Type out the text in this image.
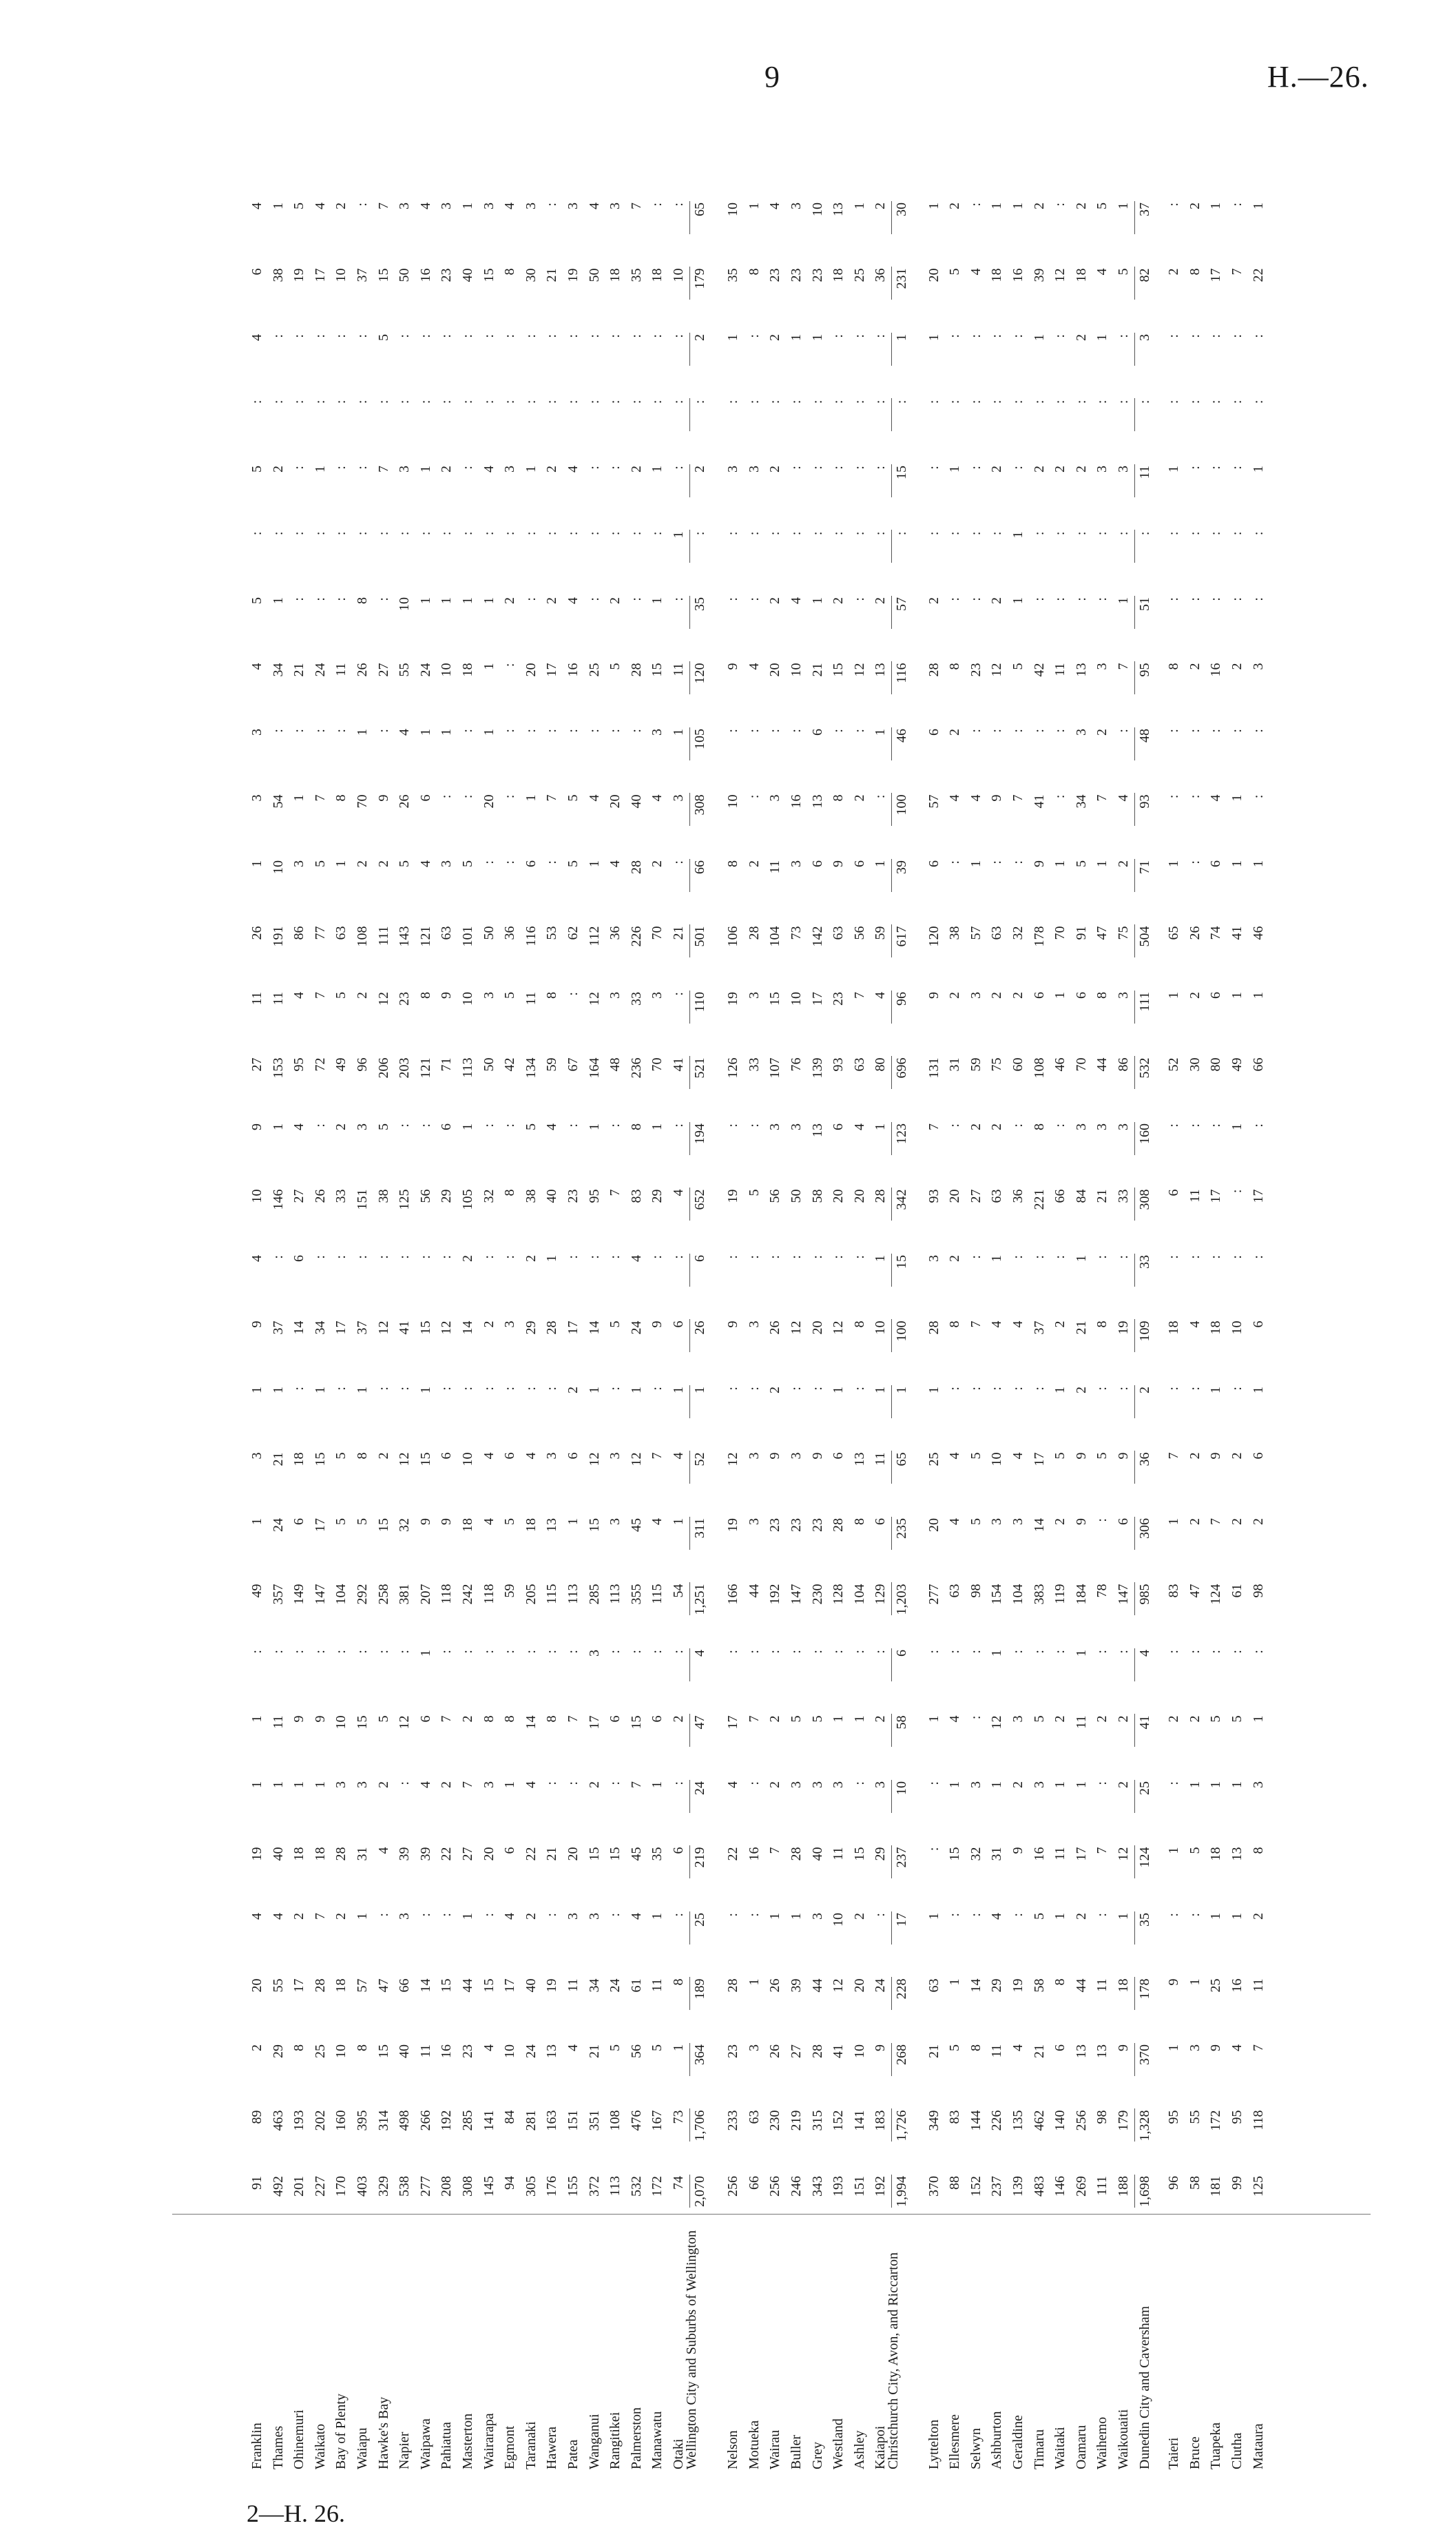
9	H.—26.
Franklin Thames Ohinemuri Waikato Bay of Plenty Waiapu Hawke's Bay Napier Waipawa Pahiatua Masterton Wairarapa Egmont Taranaki Hawera Patea Wanganui Rangitikei Palmerston Manawatu Otaki
Wellington City and Suburbs of Wellington Nelson Motueka Wairau Buller Grey Westland Ashley Kaiapoi
Christchurch City, Avon, and Riccarton Lyttelton Ellesmere Selwyn Ashburton Geraldine Timaru Waitaki Oamaru Waihemo Waikouaiti Dunedin City and Caversham Taieri Bruce Tuapeka Clutha Mataura
91 492 201 227 170 403 329 538 277 208 308 145 94 305 176 155 372 113 532 172 74 2,070 256 66 256 246 343 193 151 192 1,994 370 88 152 237 139 483 146 269 111 188 1,698 96 58 181 99 125
89 463 193 202 160 395 314 498 266 192 285 141 84 281 163 151 351 108 476 167 73 1,706 233 63 230 219 315 152 141 183 1,726 349 83 144 226 135 462 140 256 98 179 1,328 95 55 172 95 118
2 29 8 25 10 8 15 40 11 16 23 4 10 24 13 4 21 5 56 5 1 364 23 3 26 27 28 41 10 9 268 21 5 8 11 4 21 6 13 13 9 370 1 3 9 4 7
20 55 17 28 18 57 47 66 14 15 44 15 17 40 19 11 34 24 61 11 8 189 28 1 26 39 44 12 20 24 228 63 1 14 29 19 58 8 44 11 18 178 9 1 25 16 11
4 4 2 7 2 1 : 3 : : 1 : 4 2 : 3 3 : 4 1 : 25 : : 1 1 3 10 2 : 17 1 : : 4 : 5 1 2 : 1 35 : : 1 1 2
19 40 18 18 28 31 4 39 39 22 27 20 6 22 21 20 15 15 45 35 6 219 22 16 7 28 40 11 15 29 237 : 15 32 31 9 16 11 17 7 12 124 1 5 18 13 8
1 1 1 1 3 3 2 : 4 2 7 3 1 4 : : 2 : 7 1 : 24 4 : 2 3 3 3 : 3 10 : 1 3 1 2 3 1 1 : 2 25 : 1 1 1 3
1 11 9 9 10 15 5 12 6 7 2 8 8 14 8 7 17 6 15 6 2 47 17 7 2 5 5 1 1 2 58 1 4 : 12 3 5 2 11 2 2 41 2 2 5 5 1
: : : : : : : : 1 : : : : : : : 3 : : : : 4 : : : : : : : : 6 : : : 1 : : : 1 : : 4 : : : : :
49 357 149 147 104 292 258 381 207 118 242 118 59 205 115 113 285 113 355 115 54 1,251 166 44 192 147 230 128 104 129 1,203 277 63 98 154 104 383 119 184 78 147 985 83 47 124 61 98
1 24 6 17 5 5 15 32 9 9 18 4 5 18 13 1 15 3 45 4 1 311 19 3 23 23 23 28 8 6 235 20 4 5 3 3 14 2 9 : 6 306 1 2 7 2 2
3 21 18 15 5 8 2 12 15 6 10 4 6 4 3 6 12 3 12 7 4 52 12 3 9 3 9 6 13 11 65 25 4 5 10 4 17 5 9 5 9 36 7 2 9 2 6
1 1 : 1 : 1 : : 1 : : : : : : 2 1 : 1 : 1 1 : : 2 : : 1 : 1 1 1 : : : : : 1 2 : : 2 : : 1 : 1
9 37 14 34 17 37 12 41 15 12 14 2 3 29 28 17 14 5 24 9 6 26 9 3 26 12 20 12 8 10 100 28 8 7 4 4 37 2 21 8 19 109 18 4 18 10 6
4 : 6 : : : : : : : 2 : : 2 1 : : : 4 : : 6 : : : : : : : 1 15 3 2 : 1 : : : 1 : : 33 : : : : :
10 146 27 26 33 151 38 125 56 29 105 32 8 38 40 23 95 7 83 29 4 652 19 5 56 50 58 20 20 28 342 93 20 27 63 36 221 66 84 21 33 308 6 11 17 : 17
9 1 4 : 2 3 5 : : 6 1 : : 5 4 : 1 : 8 1 : 194 : : 3 3 13 6 4 1 123 7 : 2 2 : 8 : 3 3 3 160 : : : 1 :
27 153 95 72 49 96 206 203 121 71 113 50 42 134 59 67 164 48 236 70 41 521 126 33 107 76 139 93 63 80 696 131 31 59 75 60 108 46 70 44 86 532 52 30 80 49 66
11 11 4 7 5 2 12 23 8 9 10 3 5 11 8 : 12 3 33 3 : 110 19 3 15 10 17 23 7 4 96 9 2 3 2 2 6 1 6 8 3 111 1 2 6 1 1
26 191 86 77 63 108 111 143 121 63 101 50 36 116 53 62 112 36 226 70 21 501 106 28 104 73 142 63 56 59 617 120 38 57 63 32 178 70 91 47 75 504 65 26 74 41 46
1 10 3 5 1 2 2 5 4 3 5 : : 6 : 5 1 4 28 2 : 66 8 2 11 3 6 9 6 1 39 6 : 1 : : 9 1 5 1 2 71 1 : 6 1 1
3 54 1 7 8 70 9 26 6 : : 20 : 1 7 5 4 20 40 4 3 308 10 : 3 16 13 8 2 : 100 57 4 4 9 7 41 : 34 7 4 93 : : 4 1 :
3 : : : : 1 : 4 1 1 : 1 : : : : : : : 3 1 105 : : : : 6 : : 1 46 6 2 : : : : : 3 2 : 48 : : : : :
4 34 21 24 11 26 27 55 24 10 18 1 : 20 17 16 25 5 28 15 11 120 9 4 20 10 21 15 12 13 116 28 8 23 12 5 42 11 13 3 7 95 8 2 16 2 3
5 1 : : : 8 : 10 1 1 1 1 2 : 2 4 : 2 : 1 : 35 : : 2 4 1 2 : 2 57 2 : : 2 1 : : : : 1 51 : : : : :
: : : : : : : : : : : : : : : : : : : : 1 : : : : : : : : : : : : : : 1 : : : : : : : : : : :
5 2 : 1 : : 7 3 1 2 : 4 3 1 2 4 : : 2 1 : 2 3 3 2 : : : : : 15 : 1 : 2 : 2 2 2 3 3 11 1 : : : 1
: : : : : : : : : : : : : : : : : : : : : : : : : : : : : : : : : : : : : : : : : : : : : : :
4 : : : : : 5 : : : : : : : : : : : : : : 2 1 : 2 1 1 : : : 1 1 : : : : 1 : 2 1 : 3 : : : : :
6 38 19 17 10 37 15 50 16 23 40 15 8 30 21 19 50 18 35 18 10 179 35 8 23 23 23 18 25 36 231 20 5 4 18 16 39 12 18 4 5 82 2 8 17 7 22
4 1 5 4 2 : 7 3 4 3 1 3 4 3 : 3 4 3 7 : : 65 10 1 4 3 10 13 1 2 30 1 2 : 1 1 2 : 2 5 1 37 : 2 1 : 1
2—H. 26.
